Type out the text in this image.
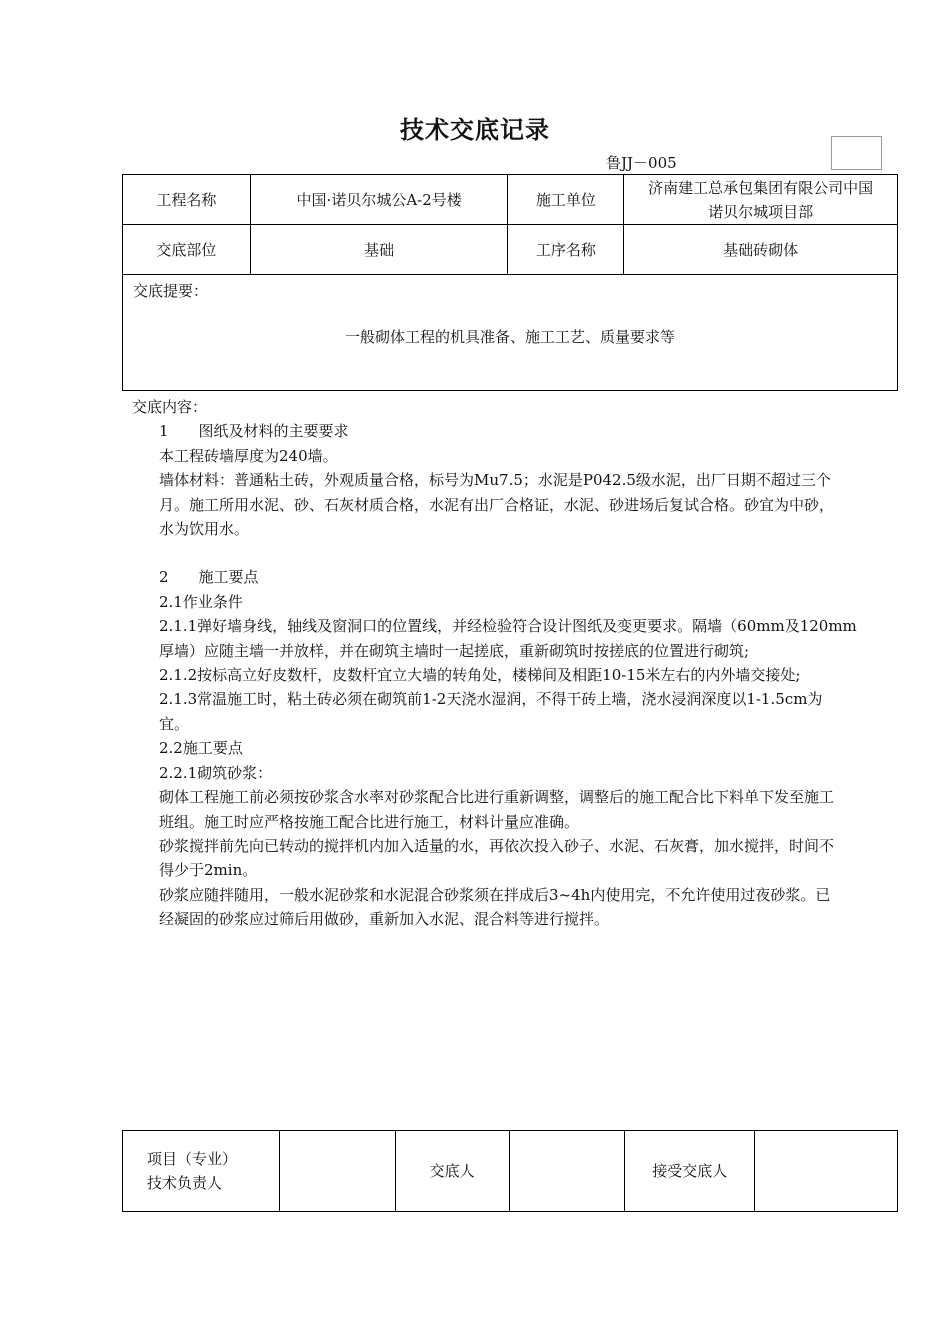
技术交底记录
鲁JJ－005
工程名称	中国·诺贝尔城公A-2号楼	施工单位	济南建工总承包集团有限公司中国
诺贝尔城项目部
交底部位	基础	工序名称	基础砖砌体

交底提要：
一般砌体工程的机具准备、施工工艺、质量要求等			

交底内容：

1　　图纸及材料的主要要求

本工程砖墙厚度为240墙。

墙体材料：普通粘土砖，外观质量合格，标号为Mu7.5；水泥是P042.5级水泥，出厂日期不超过三个

月。施工所用水泥、砂、石灰材质合格，水泥有出厂合格证，水泥、砂进场后复试合格。砂宜为中砂，

水为饮用水。

2　　施工要点

2.1作业条件

2.1.1弹好墙身线，轴线及窗洞口的位置线，并经检验符合设计图纸及变更要求。隔墙（60mm及120mm

厚墙）应随主墙一并放样，并在砌筑主墙时一起搓底，重新砌筑时按搓底的位置进行砌筑;

2.1.2按标高立好皮数杆，皮数杆宜立大墙的转角处，楼梯间及相距10-15米左右的内外墙交接处;

2.1.3常温施工时，粘土砖必须在砌筑前1-2天浇水湿润，不得干砖上墙，浇水浸润深度以1-1.5cm为

宜。

2.2施工要点

2.2.1砌筑砂浆：

砌体工程施工前必须按砂浆含水率对砂浆配合比进行重新调整，调整后的施工配合比下料单下发至施工

班组。施工时应严格按施工配合比进行施工，材料计量应准确。

砂浆搅拌前先向已转动的搅拌机内加入适量的水，再依次投入砂子、水泥、石灰膏，加水搅拌，时间不

得少于2min。

砂浆应随拌随用，一般水泥砂浆和水泥混合砂浆须在拌成后3~4h内使用完，不允许使用过夜砂浆。已

经凝固的砂浆应过筛后用做砂，重新加入水泥、混合料等进行搅拌。

项目（专业）
技术负责人		交底人		接受交底人	
